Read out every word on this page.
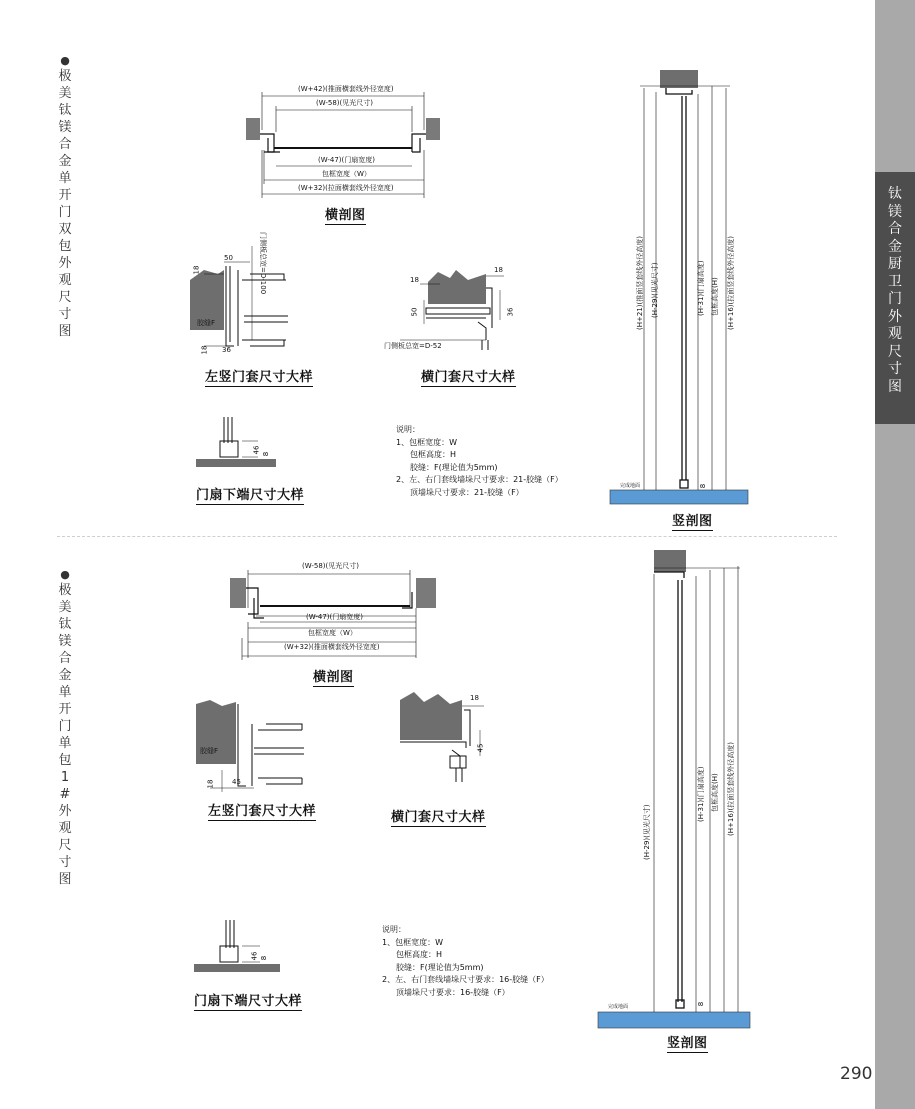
钛镁合金厨卫门外观尺寸图
●
极美钛镁合金单开门双包外观尺寸图
●
极美钛镁合金单开门单包1#外观尺寸图
(W+42)(推面横套线外径宽度)
(W-58)(见光尺寸)
(W-47)(门扇宽度)
包框宽度（W）
(W+32)(拉面横套线外径宽度)
横剖图
18
50	门侧板总宽=D-100
胶缝F
18 36
左竖门套尺寸大样
18
18
50	36
门侧板总宽=D-52
横门套尺寸大样
46 8
门扇下端尺寸大样
说明：
1、包框宽度：W
包框高度：H
胶缝：F(理论值为5mm)
2、左、右门套线墙垛尺寸要求：21-胶缝（F）
顶墙垛尺寸要求：21-胶缝（F）
(H+21)(推面竖套线外径高度) (H-29)(见光尺寸)	(H-31)(门扇高度) 包框高度(H) (H+16)(拉面竖套线外径高度)
完成地面	8
竖剖图
(W-58)(见光尺寸)
(W-47)(门扇宽度)
包框宽度（W）
(W+32)(推面横套线外径宽度)
横剖图
胶缝F
18	45
左竖门套尺寸大样
18
45
横门套尺寸大样
46 8
门扇下端尺寸大样
说明：
1、包框宽度：W
包框高度：H
胶缝：F(理论值为5mm)
2、左、右门套线墙垛尺寸要求：16-胶缝（F）
顶墙垛尺寸要求：16-胶缝（F）
(H-29)(见光尺寸)
(H-31)(门扇高度) 包框高度(H) (H+16)(拉面竖套线外径高度)
完成地面	8
竖剖图
290
